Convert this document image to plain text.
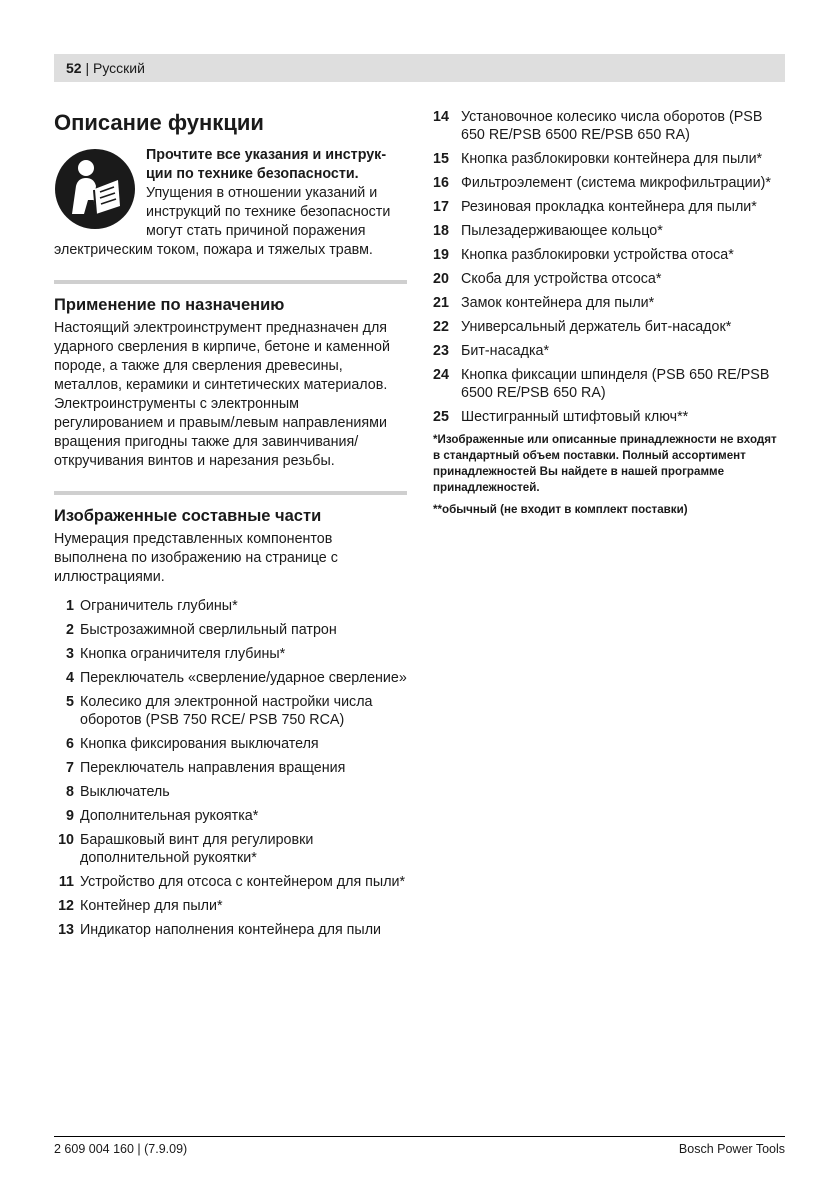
52 | Русский
Описание функции
Прочтите все указания и инструк-ции по технике безопасности.
Упущения в отношении указаний и инструкций по технике безопасности могут стать причиной поражения электрическим током, пожара и тяжелых травм.
Применение по назначению

Настоящий электроинструмент предназначен для ударного сверления в кирпиче, бетоне и каменной породе, а также для сверления древесины, металлов, керамики и синтетических материалов. Электроинструменты с электронным регулированием и правым/левым направлениями вращения пригодны также для завинчивания/откручивания винтов и нарезания резьбы.

Изображенные составные части

Нумерация представленных компонентов выполнена по изображению на странице с иллюстрациями.

1 Ограничитель глубины*
2 Быстрозажимной сверлильный патрон
3 Кнопка ограничителя глубины*
4 Переключатель «сверление/ударное сверление»
5 Колесико для электронной настройки числа оборотов (PSB 750 RCE/ PSB 750 RCA)
6 Кнопка фиксирования выключателя
7 Переключатель направления вращения
8 Выключатель
9 Дополнительная рукоятка*
10 Барашковый винт для регулировки дополнительной рукоятки*
11 Устройство для отсоса с контейнером для пыли*
12 Контейнер для пыли*
13 Индикатор наполнения контейнера для пыли
14 Установочное колесико числа оборотов (PSB 650 RE/PSB 6500 RE/PSB 650 RA)
15 Кнопка разблокировки контейнера для пыли*
16 Фильтроэлемент (система микрофильтрации)*
17 Резиновая прокладка контейнера для пыли*
18 Пылезадерживающее кольцо*
19 Кнопка разблокировки устройства отоса*
20 Скоба для устройства отсоса*
21 Замок контейнера для пыли*
22 Универсальный держатель бит-насадок*
23 Бит-насадка*
24 Кнопка фиксации шпинделя (PSB 650 RE/PSB 6500 RE/PSB 650 RA)
25 Шестигранный штифтовый ключ**

*Изображенные или описанные принадлежности не входят в стандартный объем поставки. Полный ассортимент принадлежностей Вы найдете в нашей программе принадлежностей.

**обычный (не входит в комплект поставки)

2 609 004 160 | (7.9.09)	Bosch Power Tools
